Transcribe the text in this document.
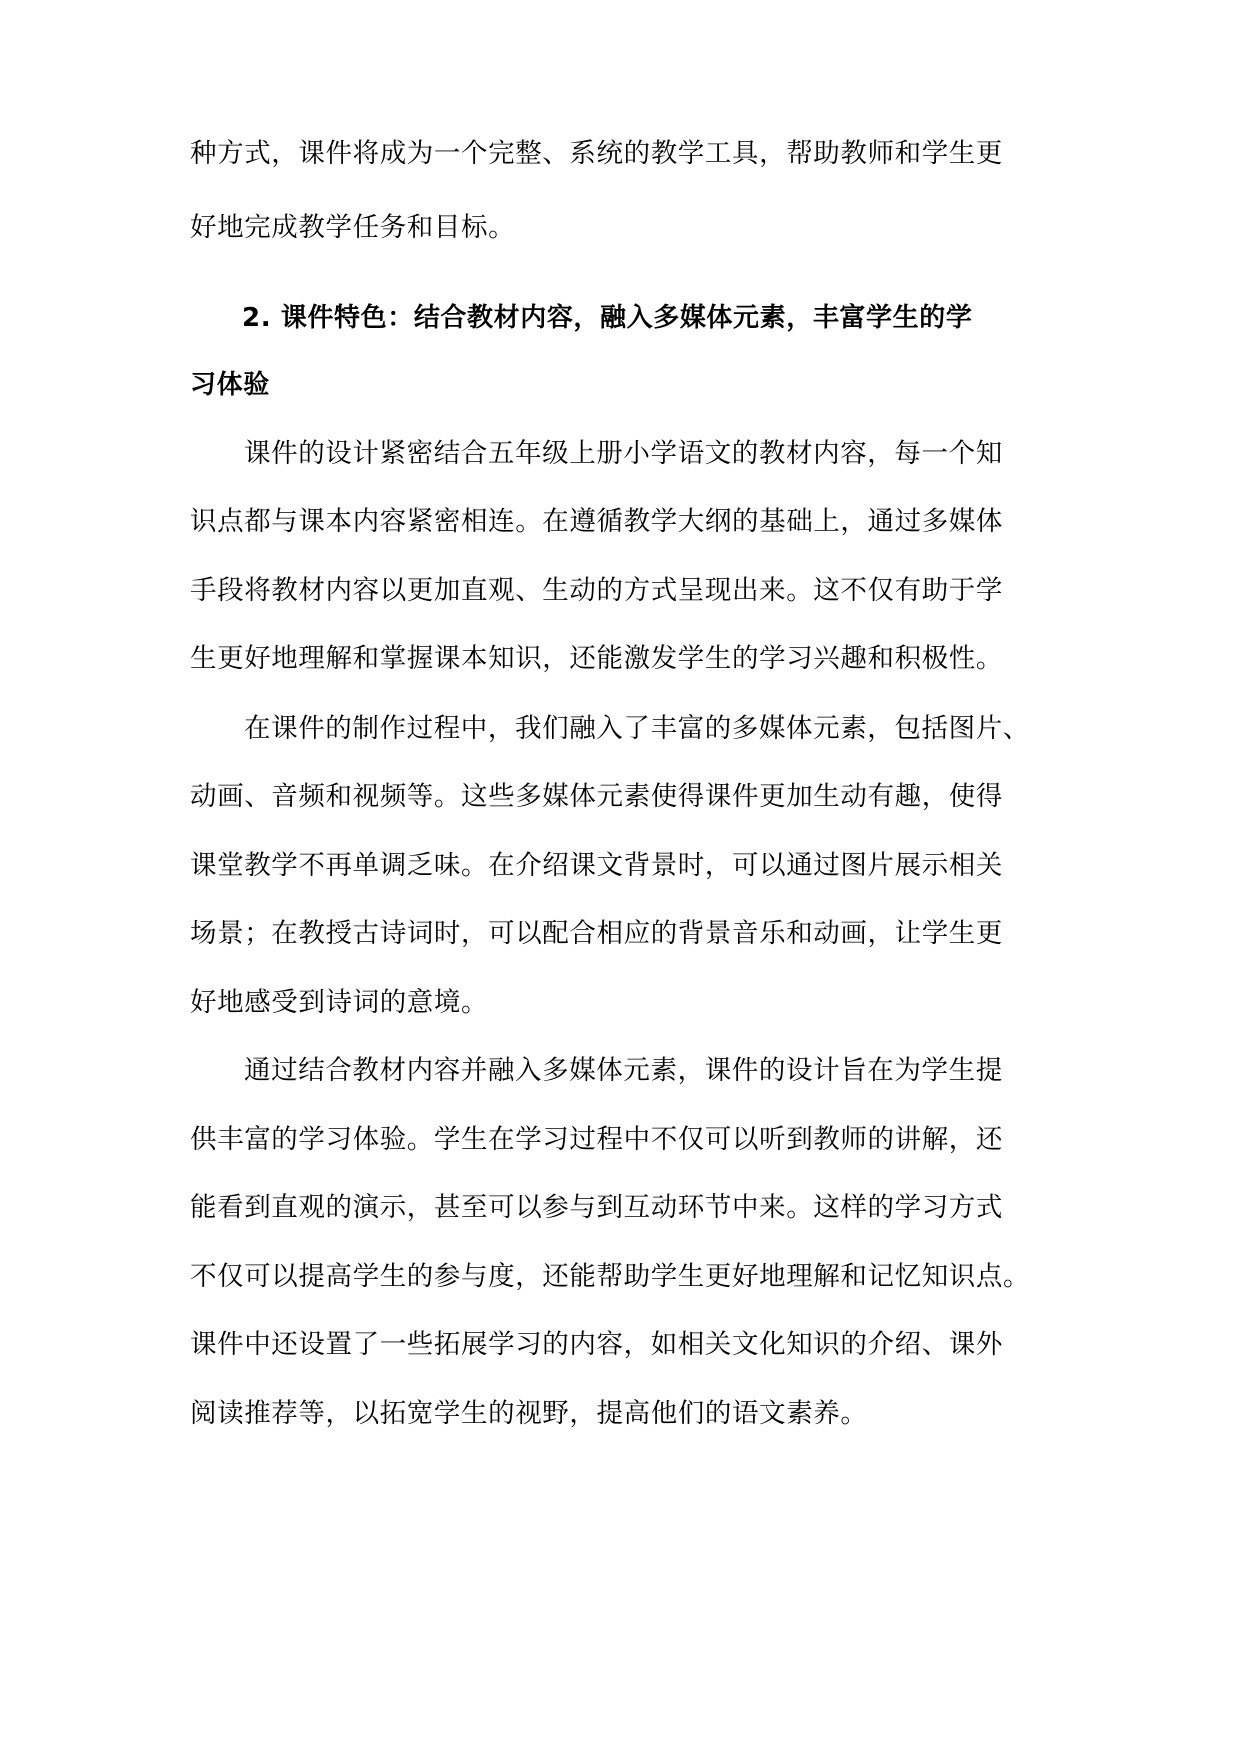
种方式，课件将成为一个完整、系统的教学工具，帮助教师和学生更
好地完成教学任务和目标。
2. 课件特色：结合教材内容，融入多媒体元素，丰富学生的学
习体验
课件的设计紧密结合五年级上册小学语文的教材内容，每一个知
识点都与课本内容紧密相连。在遵循教学大纲的基础上，通过多媒体
手段将教材内容以更加直观、生动的方式呈现出来。这不仅有助于学
生更好地理解和掌握课本知识，还能激发学生的学习兴趣和积极性。
在课件的制作过程中，我们融入了丰富的多媒体元素，包括图片、
动画、音频和视频等。这些多媒体元素使得课件更加生动有趣，使得
课堂教学不再单调乏味。在介绍课文背景时，可以通过图片展示相关
场景；在教授古诗词时，可以配合相应的背景音乐和动画，让学生更
好地感受到诗词的意境。
通过结合教材内容并融入多媒体元素，课件的设计旨在为学生提
供丰富的学习体验。学生在学习过程中不仅可以听到教师的讲解，还
能看到直观的演示，甚至可以参与到互动环节中来。这样的学习方式
不仅可以提高学生的参与度，还能帮助学生更好地理解和记忆知识点。
课件中还设置了一些拓展学习的内容，如相关文化知识的介绍、课外
阅读推荐等，以拓宽学生的视野，提高他们的语文素养。
